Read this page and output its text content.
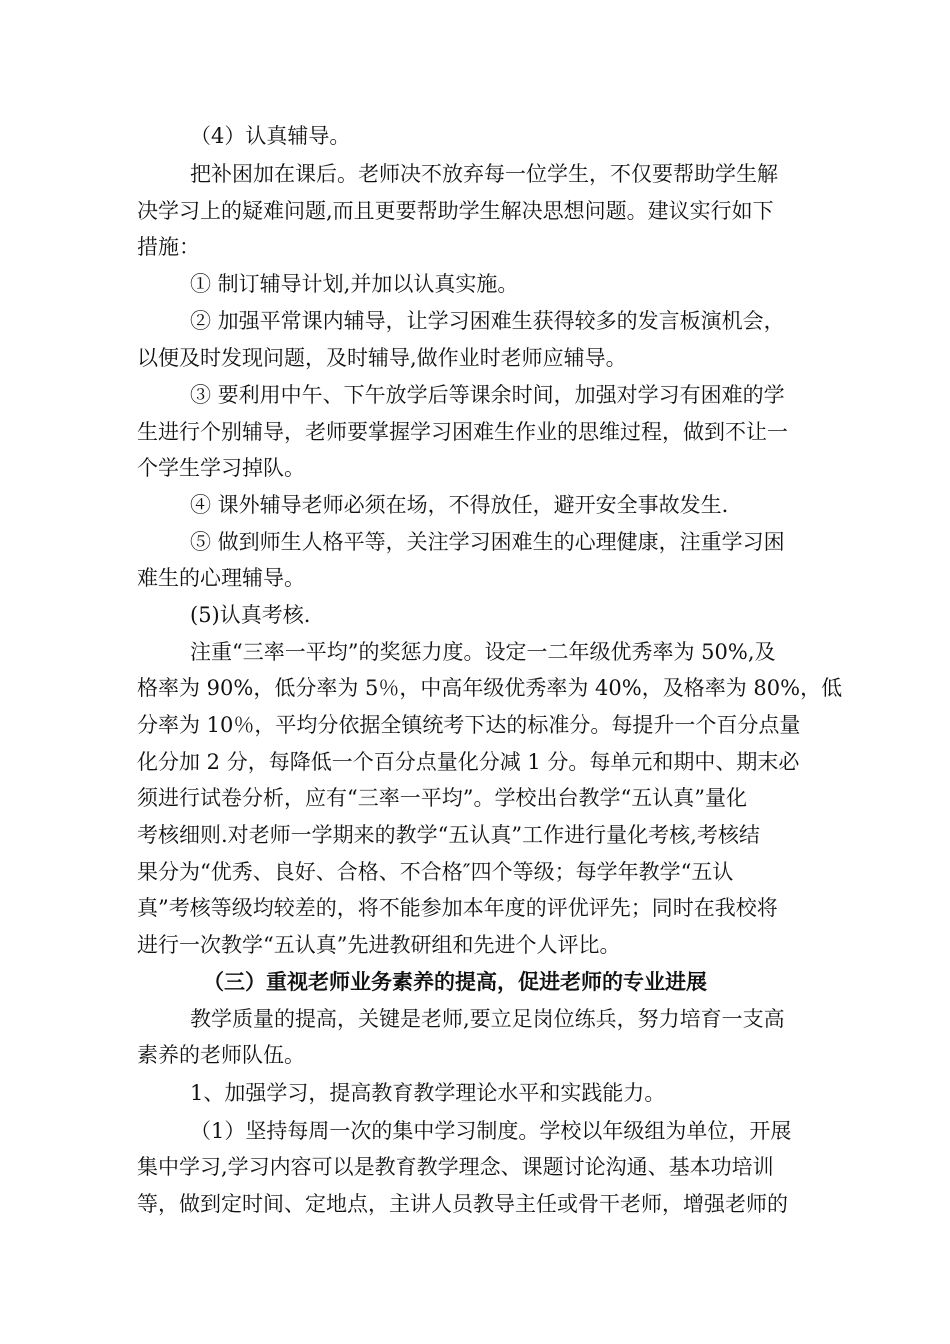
（4）认真辅导。
把补困加在课后。老师决不放弃每一位学生，不仅要帮助学生解
决学习上的疑难问题,而且更要帮助学生解决思想问题。建议实行如下
措施：
① 制订辅导计划,并加以认真实施。
② 加强平常课内辅导，让学习困难生获得较多的发言板演机会，
以便及时发现问题，及时辅导,做作业时老师应辅导。
③ 要利用中午、下午放学后等课余时间，加强对学习有困难的学
生进行个别辅导，老师要掌握学习困难生作业的思维过程，做到不让一
个学生学习掉队。
④ 课外辅导老师必须在场，不得放任，避开安全事故发生.
⑤ 做到师生人格平等，关注学习困难生的心理健康，注重学习困
难生的心理辅导。
(5)认真考核.
注重“三率一平均”的奖惩力度。设定一二年级优秀率为 50%,及
格率为 90%，低分率为 5％，中高年级优秀率为 40%，及格率为 80%，低
分率为 10％，平均分依据全镇统考下达的标准分。每提升一个百分点量
化分加 2 分，每降低一个百分点量化分减 1 分。每单元和期中、期末必
须进行试卷分析，应有“三率一平均”。学校出台教学“五认真”量化
考核细则.对老师一学期来的教学“五认真”工作进行量化考核,考核结
果分为“优秀、良好、合格、不合格″四个等级；每学年教学“五认
真”考核等级均较差的，将不能参加本年度的评优评先；同时在我校将
进行一次教学“五认真”先进教研组和先进个人评比。
（三）重视老师业务素养的提高，促进老师的专业进展
教学质量的提高，关键是老师,要立足岗位练兵，努力培育一支高
素养的老师队伍。
1、加强学习，提高教育教学理论水平和实践能力。
（1）坚持每周一次的集中学习制度。学校以年级组为单位，开展
集中学习,学习内容可以是教育教学理念、课题讨论沟通、基本功培训
等，做到定时间、定地点，主讲人员教导主任或骨干老师，增强老师的
